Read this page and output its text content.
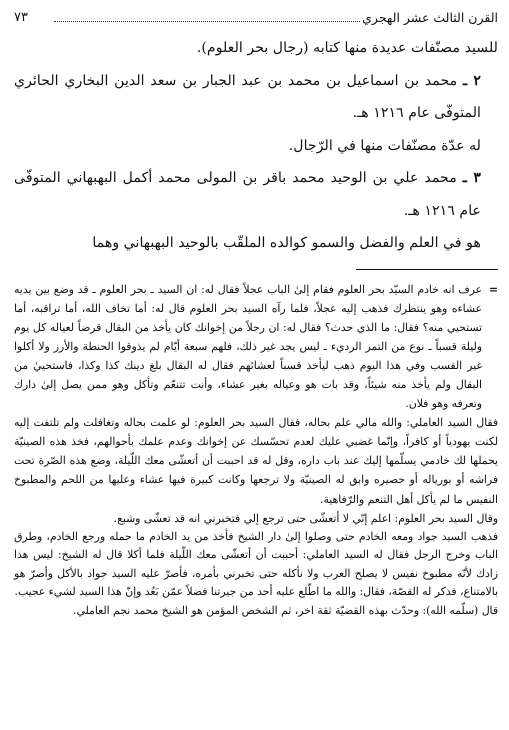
القرن الثالث عشر الهجري
٧٣

للسيد مصنّفات عديدة منها كتابه (رجال بحر العلوم).

٢ ـ محمد بن اسماعيل بن محمد بن عبد الجبار بن سعد الدين البخاري الحائري المتوفّى عام ١٢١٦ هـ.

له عدّة مصنّفات منها في الرّجال.

٣ ـ محمد علي بن الوحيد محمد باقر بن المولى محمد أكمل البهبهاني المتوفّى عام ١٢١٦ هـ.

هو في العلم والفضل والسمو كوالده الملقّب بالوحيد البهبهاني وهما

=
عرف انه خادم السيّد بحر العلوم فقام إلىٰ الباب عجلاً فقال له: ان السيد ـ بحر العلوم ـ قد وضع بين يديه عشاءه وهو ينتظرك فذهب إليه عجلاً، فلما رآه السيد بحر العلوم قال له: أما تخاف الله، أما تراقبه، أما تستحيي منه؟ فقال: ما الذي حدث؟ فقال له: ان رجلاً من إخوانك كان يأخذ من البقال قرضاً لعياله كل يوم وليلة قسباً ـ نوع من التمر الرديء ـ ليس يجد غير ذلك، فلهم سبعة أيّام لم يذوقوا الحنطة والأرز ولا أكلوا غير القسب وفي هذا اليوم ذهب ليأخذ قسباً لعشائهم فقال له البقال بلغ دينك كذا وكذا، فاستحييٰ من البقال ولم يأخذ منه شيئاً، وقد بات هو وعياله بغير عشاء، وأنت تتنعّم وتأكل وهو ممن يصل إلىٰ دارك وتعرفه وهو فلان.

فقال السيد العاملي: والله مالي علم بحاله، فقال السيد بحر العلوم: لو علمت بحاله وتغافلت ولم تلتفت إليه لكنت يهودياً أو كافراً، وإنّما غضبي عليك لعدم تحسّسك عن إخوانك وعدم علمك بأحوالهم، فخذ هذه الصينيّة يحملها لك خادمي يسلّمها إليك عند باب داره، وقل له قد احببت أن أتعشّى معك اللّيلة، وضع هذه الصّرة تحت فراشه أو بورياله أو حصيره وابق له الصينيّة ولا ترجعها وكانت كبيرة فيها عشاء وعليها من اللحم والمطبوخ النفيس ما لم يأكل أهل التنعم والرّفاهية.

وقال السيد بحر العلوم: اعلم إنّي لا أتعشّى حتى ترجع إلي فتخبرني انه قد تعشّى وشبع.

فذهب السيد جواد ومعه الخادم حتى وصلوا إلىٰ دار الشيخ فأخذ من يد الخادم ما حمله ورجع الخادم، وطرق الباب وخرج الرجل فقال له السيد العاملي: أحببت أن أتعشّى معك اللّيلة فلما أكلا قال له الشيخ: ليس هذا زادك لأنّه مطبوخ نفيس لا يصلح العرب ولا نأكله حتى تخبرني بأمره، فأصرّ عليه السيد جواد بالأكل وأصرّ هو بالامتناع، فذكر له القصّة، فقال: والله ما اطّلع عليه أحد من جيرتنا فضلاً عمّن بَعُد وإنّ هذا السيد لشيء عجيب.

قال (سلّمه الله): وحدّث بهذه القضيّة ثقة اخر، ثم الشخص المؤمن هو الشيخ محمد نجم العاملي.
